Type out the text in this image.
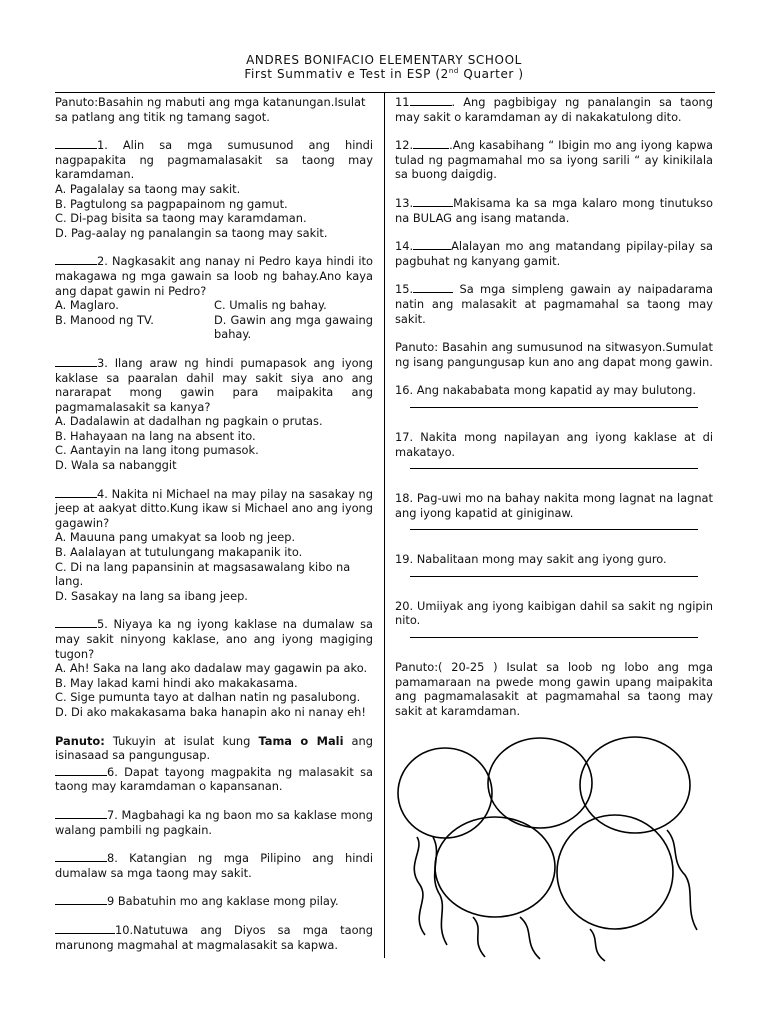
ANDRES BONIFACIO ELEMENTARY SCHOOL
First Summativ e Test in ESP (2nd Quarter )
Panuto:Basahin ng mabuti ang mga katanungan.Isulat sa patlang ang titik ng tamang sagot.
1. Alin sa mga sumusunod ang hindi nagpapakita ng pagmamalasakit sa taong may karamdaman.
A. Pagalalay sa taong may sakit.
B. Pagtulong sa pagpapainom ng gamut.
C. Di-pag bisita sa taong may karamdaman.
D. Pag-aalay ng panalangin sa taong may sakit.
2. Nagkasakit ang nanay ni Pedro kaya hindi ito makagawa ng mga gawain sa loob ng bahay.Ano kaya ang dapat gawin ni Pedro?
A. Maglaro.	C. Umalis ng bahay.
B. Manood ng TV.	D. Gawin ang mga gawaing bahay.
3. Ilang araw ng hindi pumapasok ang iyong kaklase sa paaralan dahil may sakit siya ano ang nararapat mong gawin para maipakita ang pagmamalasakit sa kanya?
A. Dadalawin at dadalhan ng pagkain o prutas.
B. Hahayaan na lang na absent ito.
C. Aantayin na lang itong pumasok.
D. Wala sa nabanggit
4. Nakita ni Michael na may pilay na sasakay ng jeep at aakyat ditto.Kung ikaw si Michael ano ang iyong gagawin?
A. Mauuna pang umakyat sa loob ng jeep.
B. Aalalayan at tutulungang makapanik ito.
C. Di na lang papansinin at magsasawalang kibo na lang.
D. Sasakay na lang sa ibang jeep.
5. Niyaya ka ng iyong kaklase na dumalaw sa may sakit ninyong kaklase, ano ang iyong magiging tugon?
A. Ah! Saka na lang ako dadalaw may gagawin pa ako.
B. May lakad kami hindi ako makakasama.
C. Sige pumunta tayo at dalhan natin ng pasalubong.
D. Di ako makakasama baka hanapin ako ni nanay eh!
Panuto: Tukuyin at isulat kung Tama o Mali ang isinasaad sa pangungusap.
6. Dapat tayong magpakita ng malasakit sa taong may karamdaman o kapansanan.
7. Magbahagi ka ng baon mo sa kaklase mong walang pambili ng pagkain.
8. Katangian ng mga Pilipino ang hindi dumalaw sa mga taong may sakit.
9 Babatuhin mo ang kaklase mong pilay.
10.Natutuwa ang Diyos sa mga taong marunong magmahal at magmalasakit sa kapwa.
11	. Ang pagbibigay ng panalangin sa taong may sakit o karamdaman ay di nakakatulong dito.
12.	.Ang kasabihang “ Ibigin mo ang iyong kapwa tulad ng pagmamahal mo sa iyong sarili “ ay kinikilala sa buong daigdig.
13.	Makisama ka sa mga kalaro mong tinutukso na BULAG ang isang matanda.
14.	Alalayan mo ang matandang pipilay-pilay sa pagbuhat ng kanyang gamit.
15.	Sa mga simpleng gawain ay naipadarama natin ang malasakit at pagmamahal sa taong may sakit.
Panuto: Basahin ang sumusunod na sitwasyon.Sumulat ng isang pangungusap kun ano ang dapat mong gawin.
16. Ang nakababata mong kapatid ay may bulutong.
17. Nakita mong napilayan ang iyong kaklase at di makatayo.
18. Pag-uwi mo na bahay nakita mong lagnat na lagnat ang iyong kapatid at giniginaw.
19. Nabalitaan mong may sakit ang iyong guro.
20. Umiiyak ang iyong kaibigan dahil sa sakit ng ngipin nito.
Panuto:( 20-25 ) Isulat sa loob ng lobo ang mga pamamaraan na pwede mong gawin upang maipakita ang pagmamalasakit at pagmamahal sa taong may sakit at karamdaman.
